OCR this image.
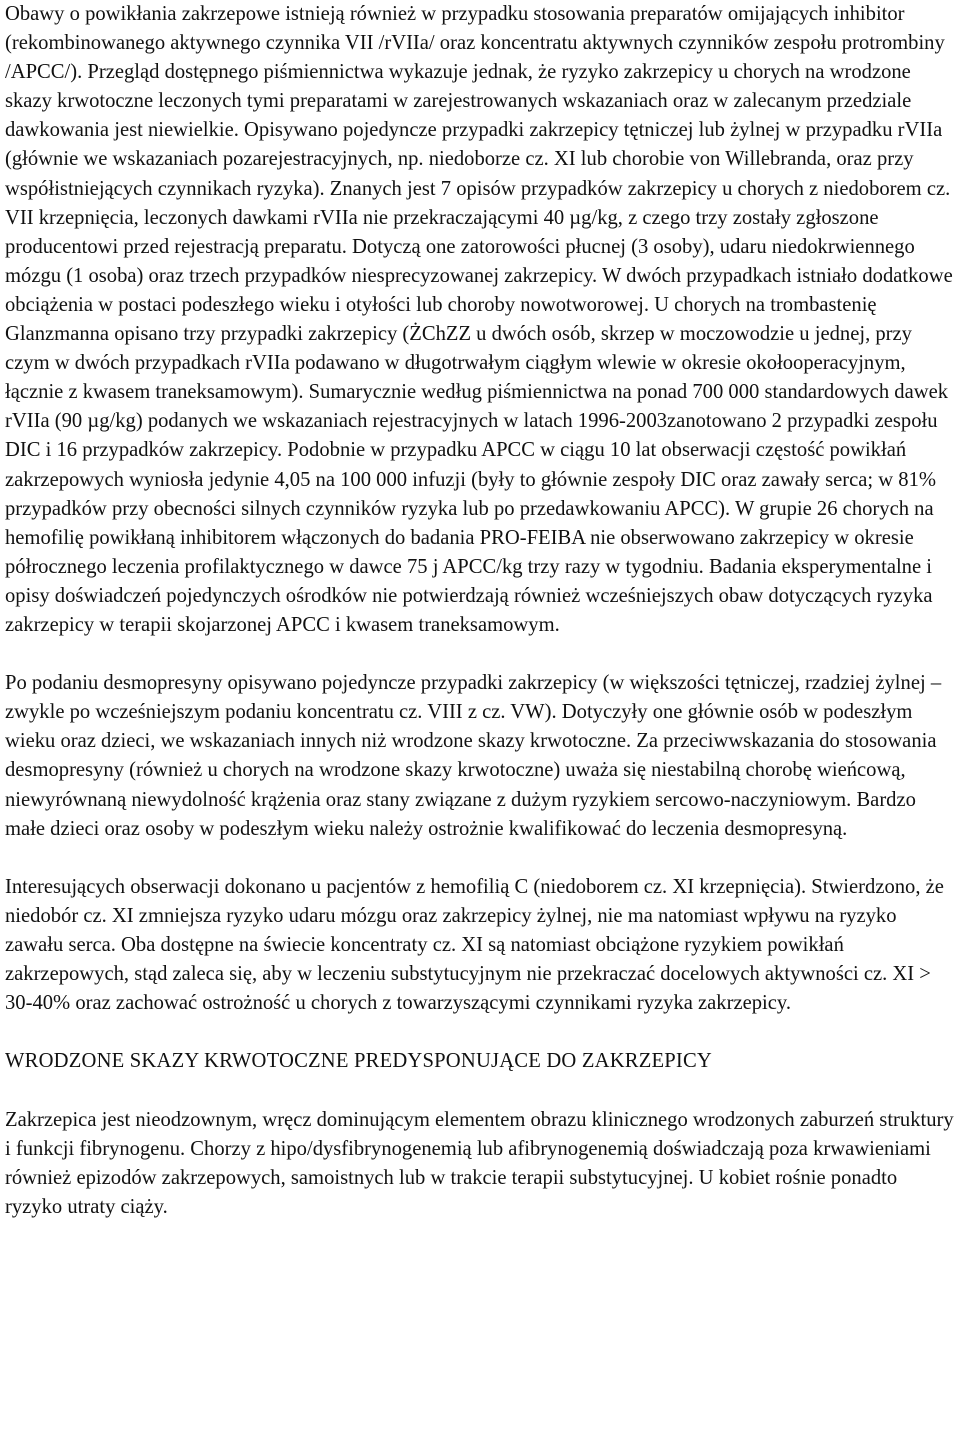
Obawy o powikłania zakrzepowe istnieją również w przypadku stosowania preparatów omijających inhibitor (rekombinowanego aktywnego czynnika VII /rVIIa/ oraz koncentratu aktywnych czynników zespołu protrombiny /APCC/). Przegląd dostępnego piśmiennictwa wykazuje jednak, że ryzyko zakrzepicy u chorych na wrodzone skazy krwotoczne leczonych tymi preparatami w zarejestrowanych wskazaniach oraz w zalecanym przedziale dawkowania jest niewielkie. Opisywano pojedyncze przypadki zakrzepicy tętniczej lub żylnej w przypadku rVIIa (głównie we wskazaniach pozarejestracyjnych, np. niedoborze cz. XI lub chorobie von Willebranda, oraz przy współistniejących czynnikach ryzyka). Znanych jest 7 opisów przypadków zakrzepicy u chorych z niedoborem cz. VII krzepnięcia, leczonych dawkami rVIIa nie przekraczającymi 40 µg/kg, z czego trzy zostały zgłoszone producentowi przed rejestracją preparatu. Dotyczą one zatorowości płucnej (3 osoby), udaru niedokrwiennego mózgu (1 osoba) oraz trzech przypadków niesprecyzowanej zakrzepicy. W dwóch przypadkach istniało dodatkowe obciążenia w postaci podeszłego wieku i otyłości lub choroby nowotworowej. U chorych na trombastenię Glanzmanna opisano trzy przypadki zakrzepicy (ŻChZZ u dwóch osób, skrzep w moczowodzie u jednej, przy czym w dwóch przypadkach rVIIa podawano w długotrwałym ciągłym wlewie w okresie okołooperacyjnym, łącznie z kwasem traneksamowym). Sumarycznie według piśmiennictwa na ponad 700 000 standardowych dawek rVIIa (90 µg/kg) podanych we wskazaniach rejestracyjnych w latach 1996-2003zanotowano 2 przypadki zespołu DIC i 16 przypadków zakrzepicy. Podobnie w przypadku APCC w ciągu 10 lat obserwacji częstość powikłań zakrzepowych wyniosła jedynie 4,05 na 100 000 infuzji (były to głównie zespoły DIC oraz zawały serca; w 81% przypadków przy obecności silnych czynników ryzyka lub po przedawkowaniu APCC). W grupie 26 chorych na hemofilię powikłaną inhibitorem włączonych do badania PRO-FEIBA nie obserwowano zakrzepicy w okresie półrocznego leczenia profilaktycznego w dawce 75 j APCC/kg trzy razy w tygodniu. Badania eksperymentalne i opisy doświadczeń pojedynczych ośrodków nie potwierdzają również wcześniejszych obaw dotyczących ryzyka zakrzepicy w terapii skojarzonej APCC i kwasem traneksamowym.

Po podaniu desmopresyny opisywano pojedyncze przypadki zakrzepicy (w większości tętniczej, rzadziej żylnej – zwykle po wcześniejszym podaniu koncentratu cz. VIII z cz. VW). Dotyczyły one głównie osób w podeszłym wieku oraz dzieci, we wskazaniach innych niż wrodzone skazy krwotoczne. Za przeciwwskazania do stosowania desmopresyny (również u chorych na wrodzone skazy krwotoczne) uważa się niestabilną chorobę wieńcową, niewyrównaną niewydolność krążenia oraz stany związane z dużym ryzykiem sercowo-naczyniowym. Bardzo małe dzieci oraz osoby w podeszłym wieku należy ostrożnie kwalifikować do leczenia desmopresyną.

Interesujących obserwacji dokonano u pacjentów z hemofilią C (niedoborem cz. XI krzepnięcia). Stwierdzono, że niedobór cz. XI zmniejsza ryzyko udaru mózgu oraz zakrzepicy żylnej, nie ma natomiast wpływu na ryzyko zawału serca. Oba dostępne na świecie koncentraty cz. XI są natomiast obciążone ryzykiem powikłań zakrzepowych, stąd zaleca się, aby w leczeniu substytucyjnym nie przekraczać docelowych aktywności cz. XI > 30-40% oraz zachować ostrożność u chorych z towarzyszącymi czynnikami ryzyka zakrzepicy.

WRODZONE SKAZY KRWOTOCZNE PREDYSPONUJĄCE DO ZAKRZEPICY

Zakrzepica jest nieodzownym, wręcz dominującym elementem obrazu klinicznego wrodzonych zaburzeń struktury i funkcji fibrynogenu. Chorzy z hipo/dysfibrynogenemią lub afibrynogenemią doświadczają poza krwawieniami również epizodów zakrzepowych, samoistnych lub w trakcie terapii substytucyjnej. U kobiet rośnie ponadto ryzyko utraty ciąży.
